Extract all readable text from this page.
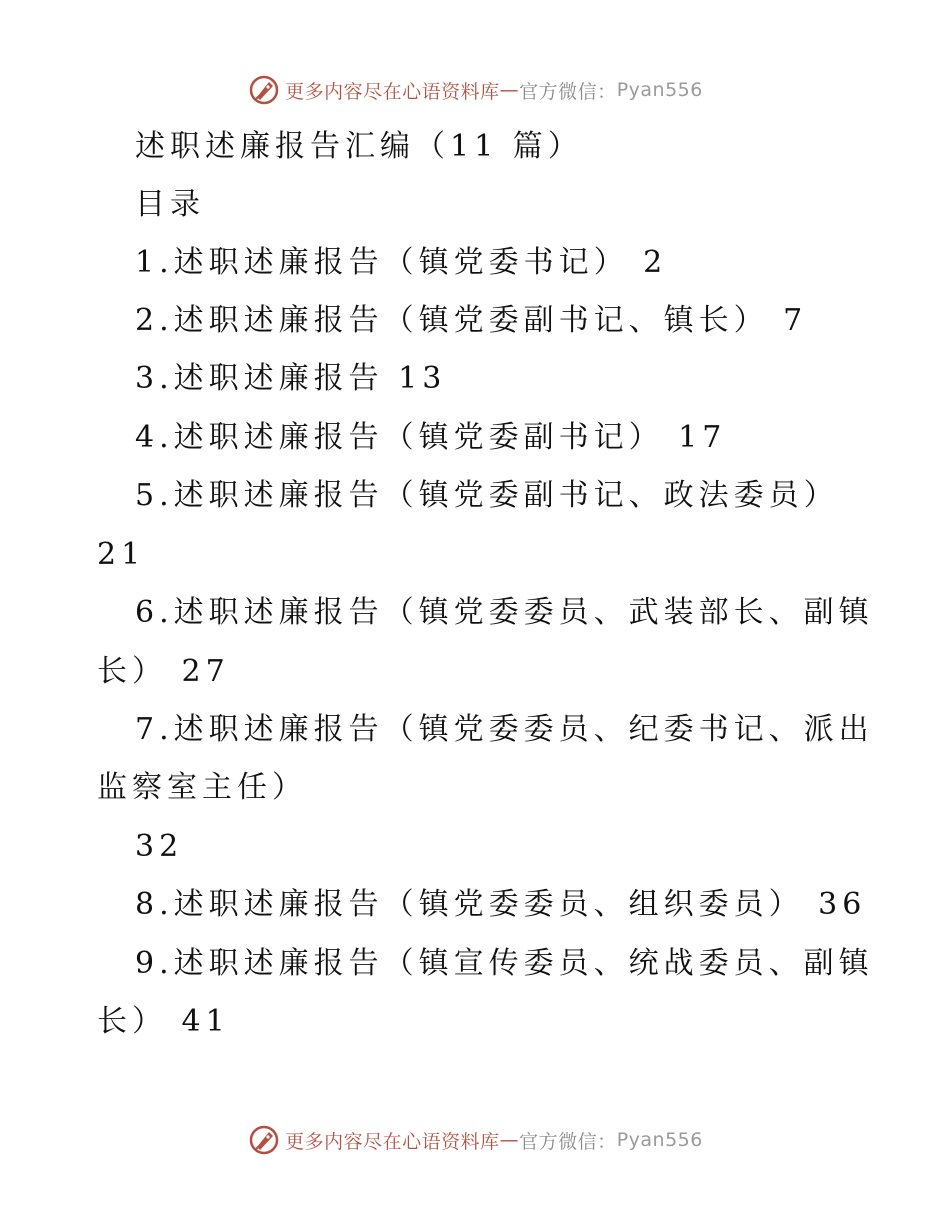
更多内容尽在心语资料库 — 官方微信： Pyan556
述职述廉报告汇编（11 篇）
目录
1.述职述廉报告（镇党委书记） 2
2.述职述廉报告（镇党委副书记、镇长） 7
3.述职述廉报告 13
4.述职述廉报告（镇党委副书记） 17
5.述职述廉报告（镇党委副书记、政法委员）
21
6.述职述廉报告（镇党委委员、武装部长、副镇
长） 27
7.述职述廉报告（镇党委委员、纪委书记、派出
监察室主任）
32
8.述职述廉报告（镇党委委员、组织委员） 36
9.述职述廉报告（镇宣传委员、统战委员、副镇
长） 41
更多内容尽在心语资料库 — 官方微信： Pyan556
